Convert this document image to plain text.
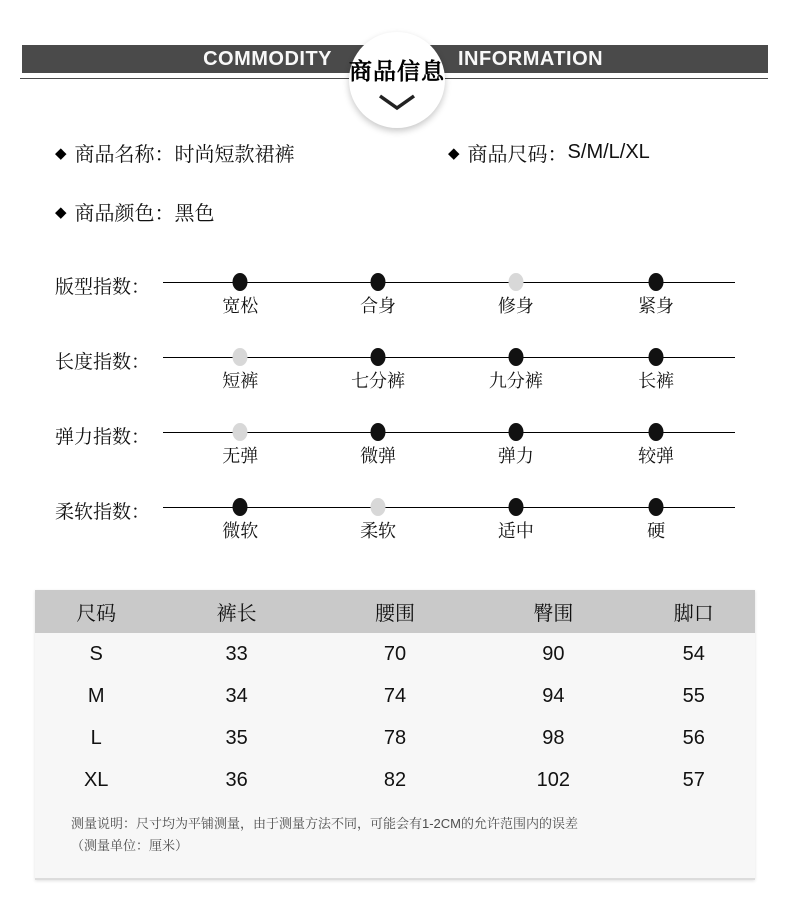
COMMODITY	INFORMATION
商品信息
◆ 商品名称： 时尚短款裙裤	◆ 商品尺码： S/M/L/XL
◆ 商品颜色： 黑色
版型指数：
宽松	合身	修身	紧身
长度指数：
短裤	七分裤	九分裤	长裤
弹力指数：
无弹	微弹	弹力	较弹
柔软指数：
微软	柔软	适中	硬
尺码	裤长	腰围	臀围	脚口
S	33	70	90	54
M	34	74	94	55
L	35	78	98	56
XL	36	82	102	57
测量说明：尺寸均为平铺测量，由于测量方法不同，可能会有1-2CM的允许范围内的误差
（测量单位：厘米）
